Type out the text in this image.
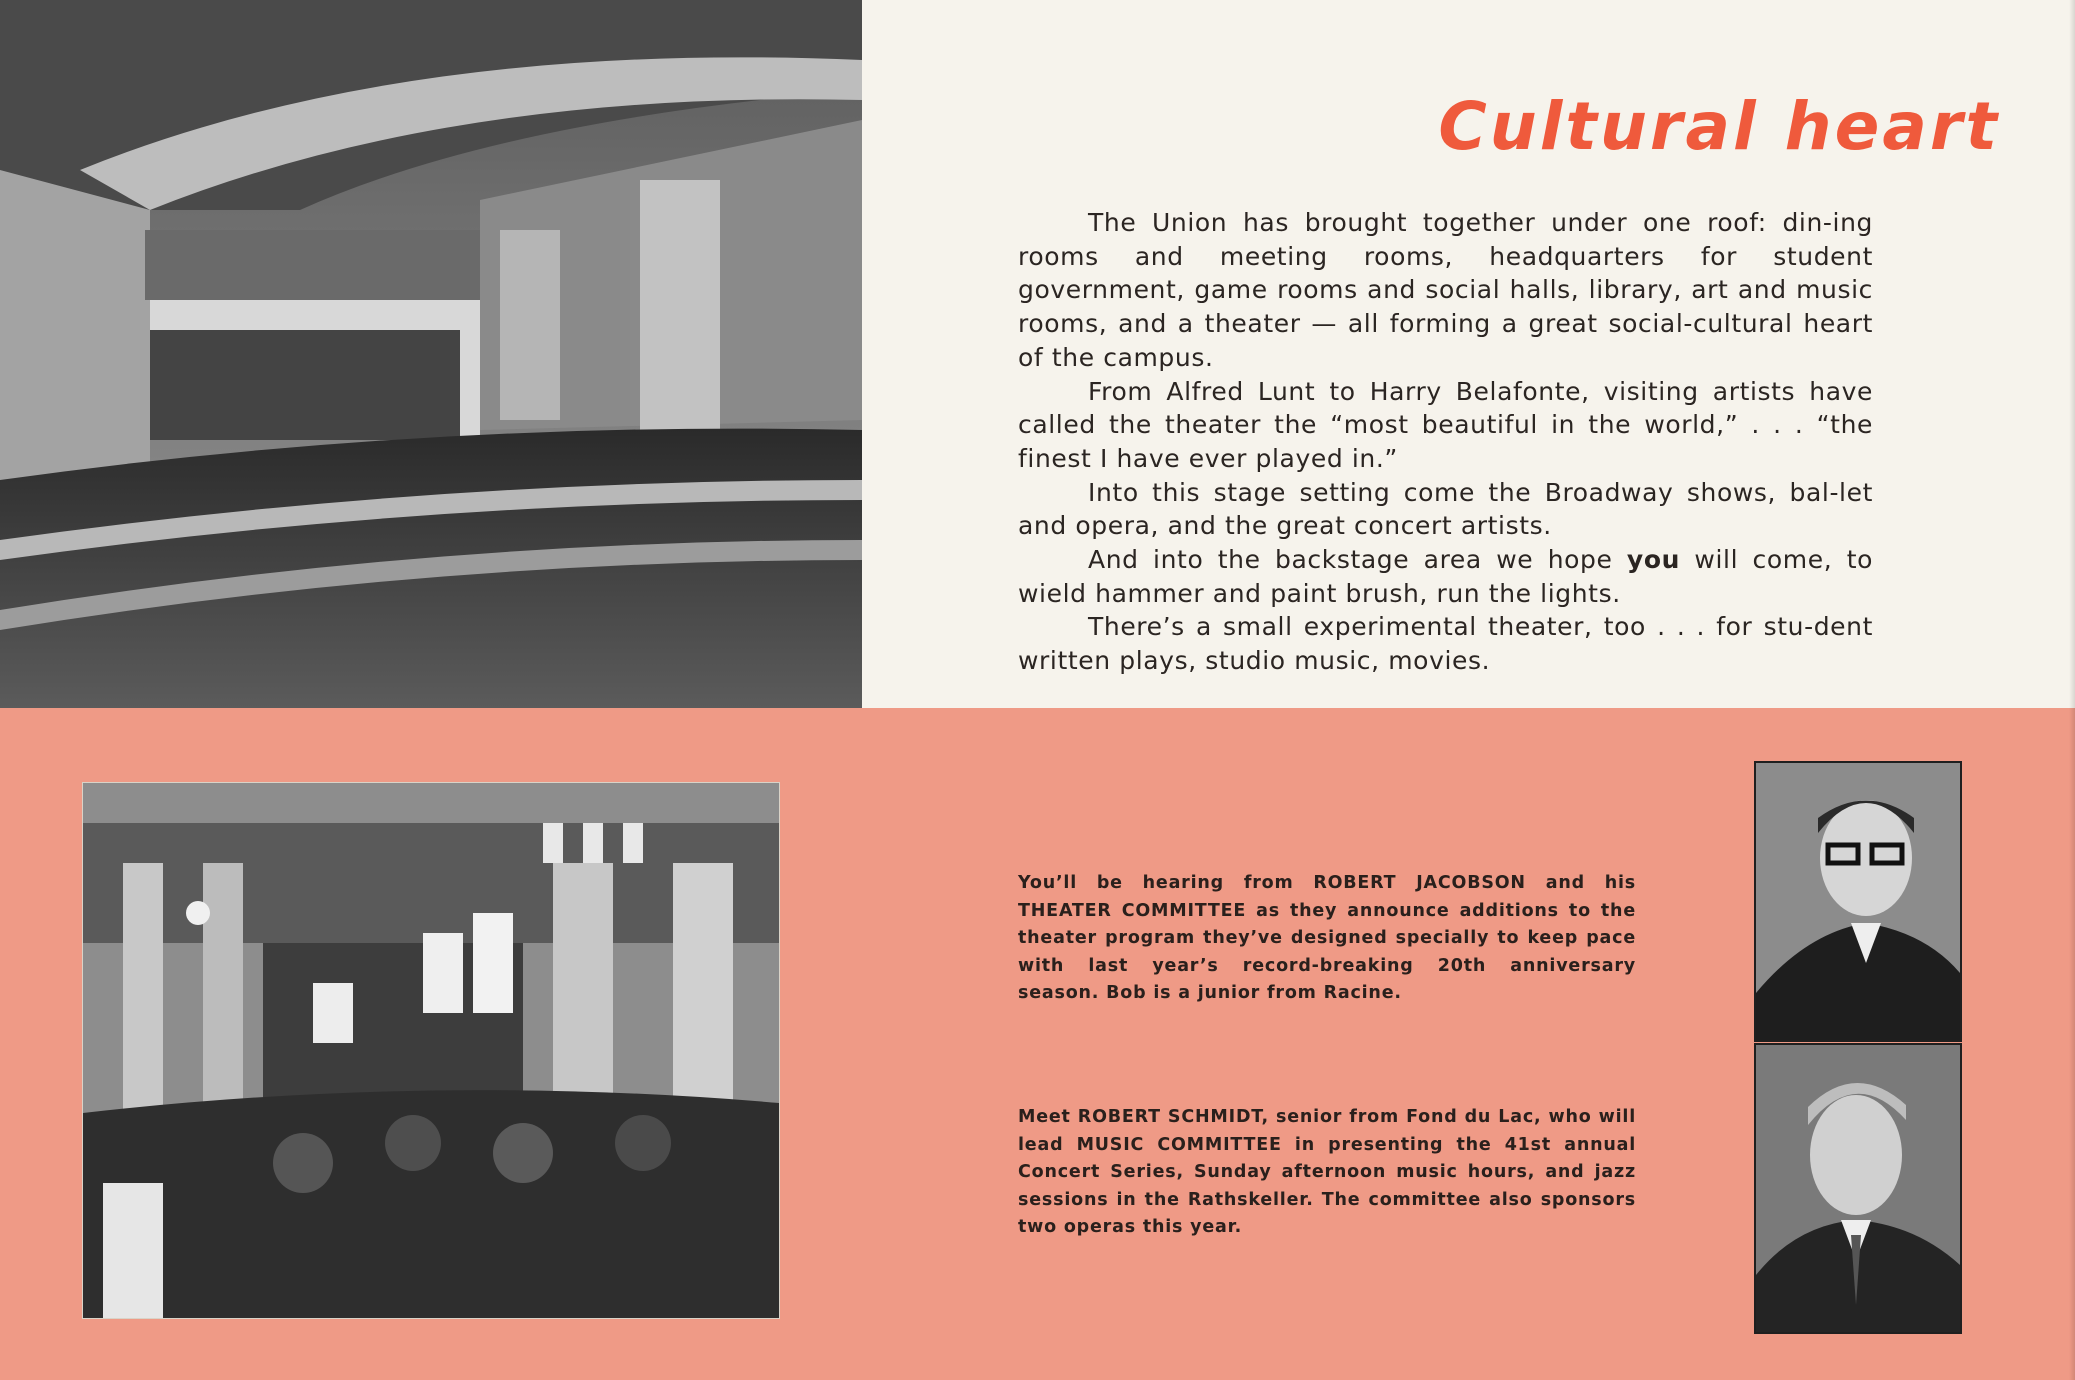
Cultural heart

The Union has brought together under one roof: din-ing rooms and meeting rooms, headquarters for student government, game rooms and social halls, library, art and music rooms, and a theater — all forming a great social-cultural heart of the campus.

From Alfred Lunt to Harry Belafonte, visiting artists have called the theater the “most beautiful in the world,” . . . “the finest I have ever played in.”

Into this stage setting come the Broadway shows, bal-let and opera, and the great concert artists.

And into the backstage area we hope you will come, to wield hammer and paint brush, run the lights.

There’s a small experimental theater, too . . . for stu-dent written plays, studio music, movies.

You’ll be hearing from ROBERT JACOBSON and his THEATER COMMITTEE as they announce additions to the theater program they’ve designed specially to keep pace with last year’s record-breaking 20th anniversary season. Bob is a junior from Racine.
Meet ROBERT SCHMIDT, senior from Fond du Lac, who will lead MUSIC COMMITTEE in presenting the 41st annual Concert Series, Sunday afternoon music hours, and jazz sessions in the Rathskeller. The committee also sponsors two operas this year.
